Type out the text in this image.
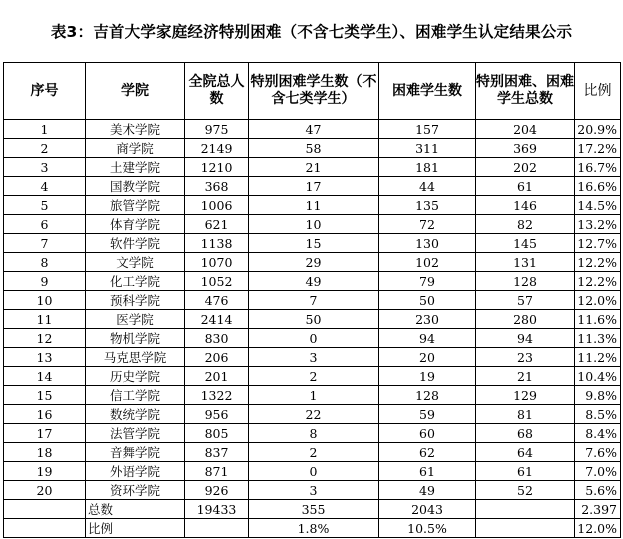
表3：吉首大学家庭经济特别困难（不含七类学生）、困难学生认定结果公示
序号	学院	全院总人数	特别困难学生数（不含七类学生）	困难学生数	特别困难、困难学生总数	比例
1	美术学院	975	47	157	204	20.9%
2	商学院	2149	58	311	369	17.2%
3	土建学院	1210	21	181	202	16.7%
4	国教学院	368	17	44	61	16.6%
5	旅管学院	1006	11	135	146	14.5%
6	体育学院	621	10	72	82	13.2%
7	软件学院	1138	15	130	145	12.7%
8	文学院	1070	29	102	131	12.2%
9	化工学院	1052	49	79	128	12.2%
10	预科学院	476	7	50	57	12.0%
11	医学院	2414	50	230	280	11.6%
12	物机学院	830	0	94	94	11.3%
13	马克思学院	206	3	20	23	11.2%
14	历史学院	201	2	19	21	10.4%
15	信工学院	1322	1	128	129	9.8%
16	数统学院	956	22	59	81	8.5%
17	法管学院	805	8	60	68	8.4%
18	音舞学院	837	2	62	64	7.6%
19	外语学院	871	0	61	61	7.0%
20	资环学院	926	3	49	52	5.6%
	总数	19433	355	2043		2.397
	比例		1.8%	10.5%		12.0%
